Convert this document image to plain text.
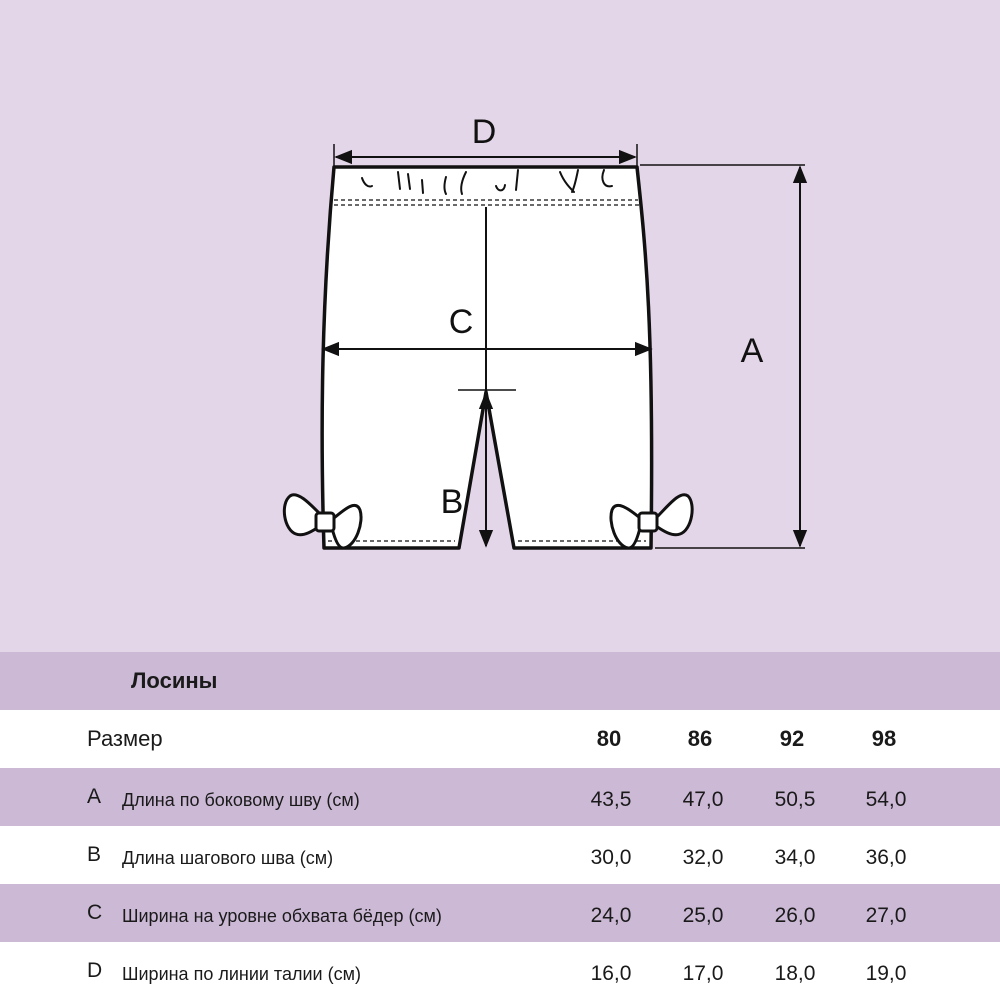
D
A
C
B
Лосины
Размер	80	86	92	98
A Длина по боковому шву (см)	43,5	47,0	50,5	54,0
B Длина шагового шва (см)	30,0	32,0	34,0	36,0
C Ширина на уровне обхвата бёдер (см)	24,0	25,0	26,0	27,0
D Ширина по линии талии (см)	16,0	17,0	18,0	19,0
